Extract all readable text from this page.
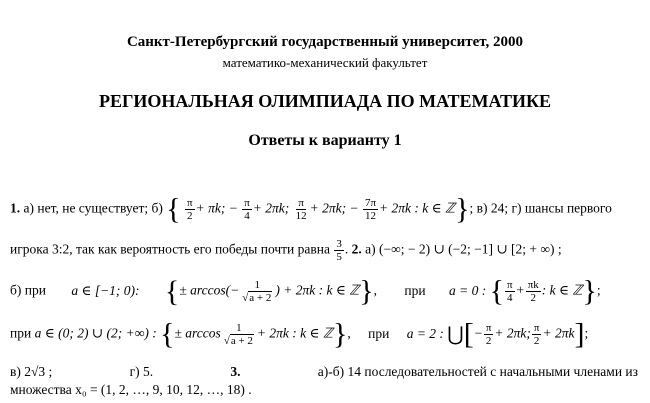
Санкт-Петербургский государственный университет, 2000
математико-механический факультет
РЕГИОНАЛЬНАЯ ОЛИМПИАДА ПО МАТЕМАТИКЕ
Ответы к варианту 1
1. а) нет, не существует; б) { $\frac{\pi}{2} + \pi k$; − $\frac{\pi}{4} + 2\pi k$; $\frac{\pi}{12} + 2\pi k$; − $\frac{7\pi}{12} + 2\pi k$ : k ∈ ℤ}; в) 24; г) шансы первого
игрока 3:2, так как вероятность его победы почти равна $\frac{3}{5}$ . 2. а) (−∞; − 2) ∪ (−2; −1] ∪ [2; + ∞) ;
б) при a ∈ [−1; 0): {± $\arccos(- \frac{1}{√a + 2}$ ) + 2πk : k ∈ ℤ}, при a = 0 : { $\frac{\pi}{4} + \frac{\pi k}{2}$ : k ∈ ℤ};
при a ∈ (0; 2) ∪ (2; +∞) : {± $\arccos \frac{1}{√a + 2} + 2\pi k$ : k ∈ ℤ}, при a = 2 : ⋃[− $\frac{\pi}{2} + 2\pi k$; $\frac{\pi}{2} + 2\pi k$];
в) 2√3 ;	г) 5.	3.	а)-б) 14 последовательностей с начальными членами из
множества x₀ = (1, 2, …, 9, 10, 12, …, 18) .
